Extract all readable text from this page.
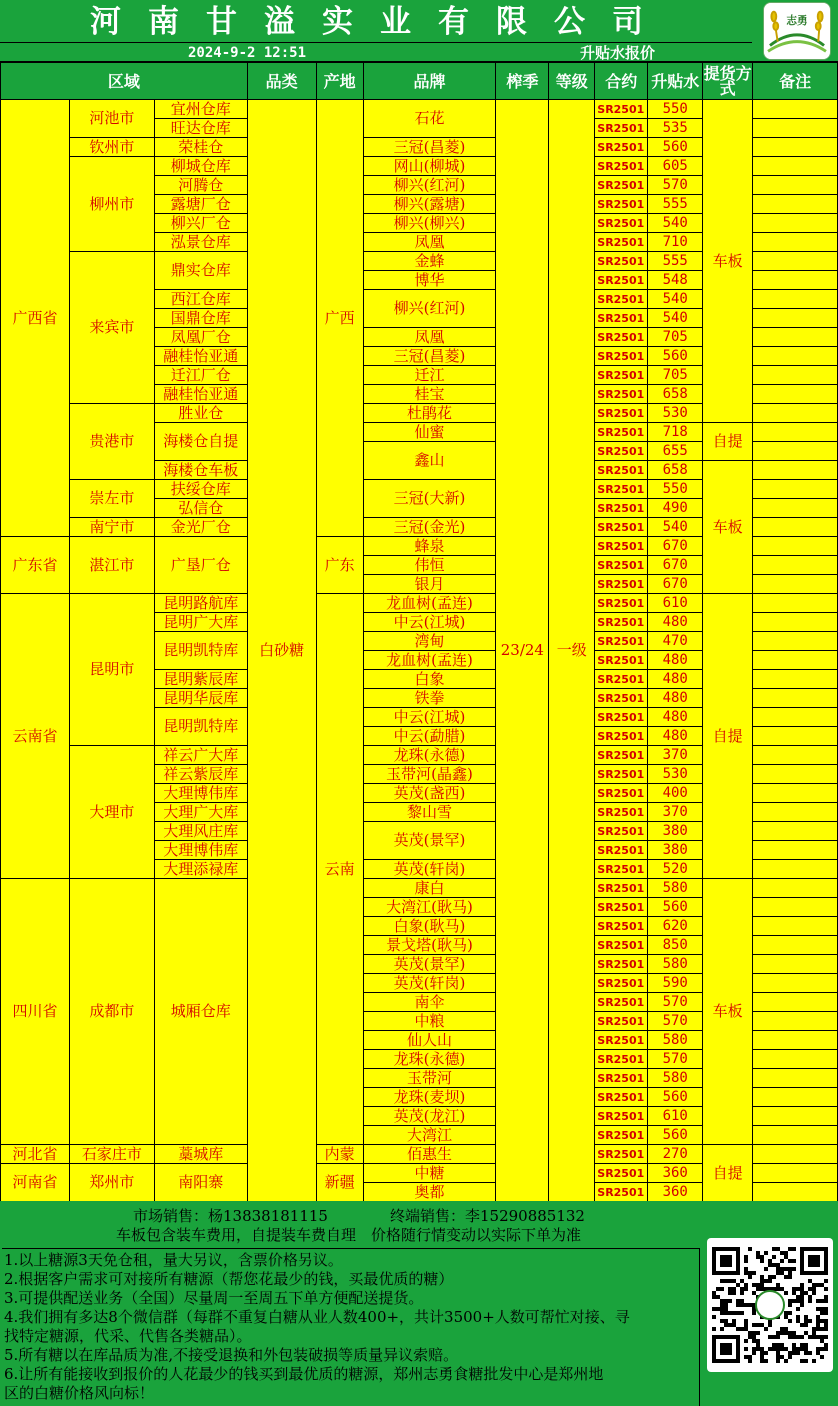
河南甘溢实业有限公司
2024-9-2 12:51	升贴水报价
志勇
区域			品类	产地	品牌	榨季	等级	合约	升贴水	提货方式	备注
广西省	河池市	宜州仓库	白砂糖	广西	石花	23/24	一级	SR2501	550	车板	
		旺达仓库						SR2501	535		
	钦州市	荣桂仓			三冠(昌菱)			SR2501	560		
	柳州市	柳城仓库			网山(柳城)			SR2501	605		
		河腾仓			柳兴(红河)			SR2501	570		
		露塘厂仓			柳兴(露塘)			SR2501	555		
		柳兴厂仓			柳兴(柳兴)			SR2501	540		
		泓景仓库			凤凰			SR2501	710		
	来宾市	鼎实仓库			金蜂			SR2501	555		
					博华			SR2501	548		
		西江仓库			柳兴(红河)			SR2501	540		
		国鼎仓库						SR2501	540		
		凤凰厂仓			凤凰			SR2501	705		
		融桂怡亚通			三冠(昌菱)			SR2501	560		
		迁江厂仓			迁江			SR2501	705		
		融桂怡亚通			桂宝			SR2501	658		
	贵港市	胜业仓			杜鹃花			SR2501	530		
		海楼仓自提			仙蜜			SR2501	718	自提	
					鑫山			SR2501	655		
		海楼仓车板						SR2501	658	车板	
	崇左市	扶绥仓库			三冠(大新)			SR2501	550		
		弘信仓						SR2501	490		
	南宁市	金光厂仓			三冠(金光)			SR2501	540		
广东省	湛江市	广垦厂仓		广东	蜂泉			SR2501	670		
					伟恒			SR2501	670		
					银月			SR2501	670		
云南省	昆明市	昆明路航库		云南	龙血树(孟连)			SR2501	610	自提	
		昆明广大库			中云(江城)			SR2501	480		
		昆明凯特库			湾甸			SR2501	470		
					龙血树(孟连)			SR2501	480		
		昆明紫辰库			白象			SR2501	480		
		昆明华辰库			铁拳			SR2501	480		
		昆明凯特库			中云(江城)			SR2501	480		
					中云(勐腊)			SR2501	480		
	大理市	祥云广大库			龙珠(永德)			SR2501	370		
		祥云紫辰库			玉带河(晶鑫)			SR2501	530		
		大理博伟库			英茂(盏西)			SR2501	400		
		大理广大库			黎山雪			SR2501	370		
		大理风庄库			英茂(景罕)			SR2501	380		
		大理博伟库						SR2501	380		
		大理添禄库			英茂(轩岗)			SR2501	520		
四川省	成都市	城厢仓库			康白			SR2501	580	车板	
					大湾江(耿马)			SR2501	560		
					白象(耿马)			SR2501	620		
					景戈塔(耿马)			SR2501	850		
					英茂(景罕)			SR2501	580		
					英茂(轩岗)			SR2501	590		
					南伞			SR2501	570		
					中粮			SR2501	570		
					仙人山			SR2501	580		
					龙珠(永德)			SR2501	570		
					玉带河			SR2501	580		
					龙珠(麦坝)			SR2501	560		
					英茂(龙江)			SR2501	610		
					大湾江			SR2501	560		
河北省	石家庄市	藁城库		内蒙	佰惠生			SR2501	270	自提	
河南省	郑州市	南阳寨		新疆	中糖			SR2501	360		
					奥都			SR2501	360		
市场销售：杨13838181115	终端销售：李15290885132
车板包含装车费用，自提装车费自理 价格随行情变动以实际下单为准
1.以上糖源3天免仓租，量大另议，含票价格另议。
2.根据客户需求可对接所有糖源（帮您花最少的钱，买最优质的糖）
3.可提供配送业务（全国）尽量周一至周五下单方便配送提货。
4.我们拥有多达8个微信群（每群不重复白糖从业人数400+，共计3500+人数可帮忙对接、寻
找特定糖源，代采、代售各类糖品）。
5.所有糖以在库品质为准,不接受退换和外包装破损等质量异议索赔。
6.让所有能接收到报价的人花最少的钱买到最优质的糖源，郑州志勇食糖批发中心是郑州地
区的白糖价格风向标！
